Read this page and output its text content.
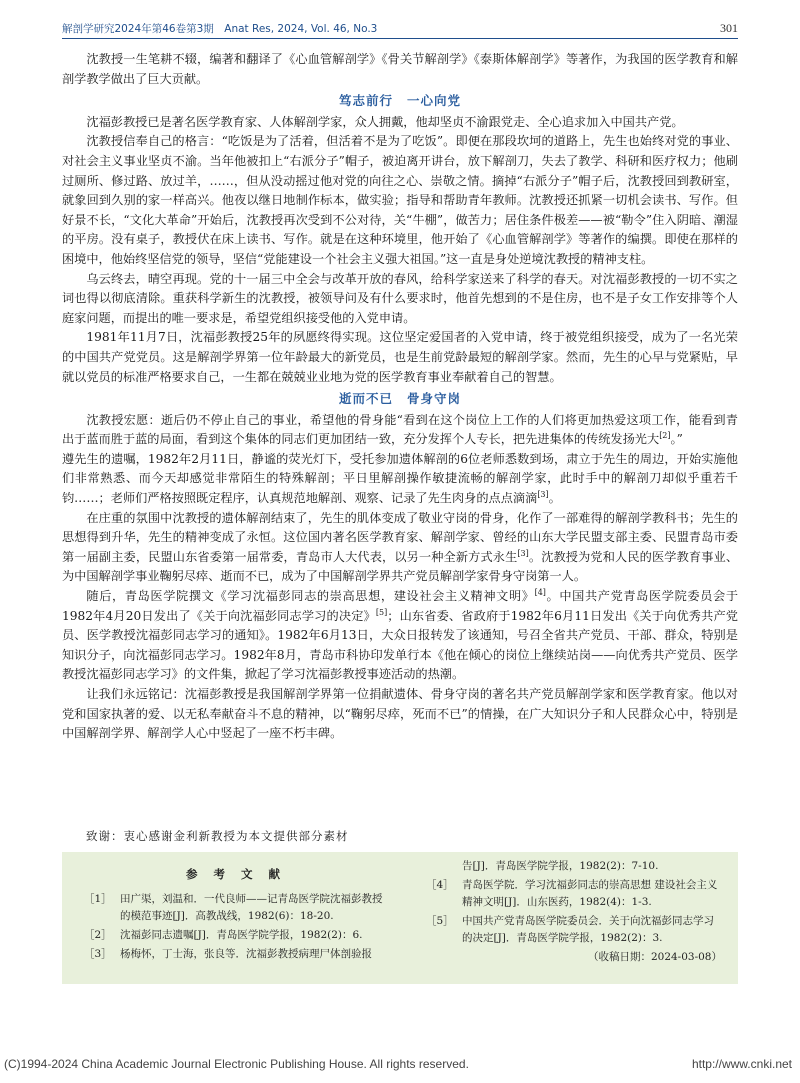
解剖学研究2024年第46卷第3期　Anat Res, 2024, Vol. 46, No.3	301

沈教授一生笔耕不辍，编著和翻译了《心血管解剖学》《骨关节解剖学》《泰斯体解剖学》等著作，为我国的医学教育和解剖学教学做出了巨大贡献。

笃志前行 一心向党

沈福彭教授已是著名医学教育家、人体解剖学家，众人拥戴，他却坚贞不渝跟党走、全心追求加入中国共产党。

沈教授信奉自己的格言：“吃饭是为了活着，但活着不是为了吃饭”。即便在那段坎坷的道路上，先生也始终对党的事业、对社会主义事业坚贞不渝。当年他被扣上“右派分子”帽子，被迫离开讲台，放下解剖刀，失去了教学、科研和医疗权力；他刷过厕所、修过路、放过羊，……，但从没动摇过他对党的向往之心、崇敬之情。摘掉“右派分子”帽子后，沈教授回到教研室，就象回到久别的家一样高兴。他夜以继日地制作标本，做实验；指导和帮助青年教师。沈教授还抓紧一切机会读书、写作。但好景不长，“文化大革命”开始后，沈教授再次受到不公对待，关“牛棚”，做苦力；居住条件极差——被“勒令”住入阴暗、潮湿的平房。没有桌子，教授伏在床上读书、写作。就是在这种环境里，他开始了《心血管解剖学》等著作的编撰。即使在那样的困境中，他始终坚信党的领导，坚信“党能建设一个社会主义强大祖国。”这一直是身处逆境沈教授的精神支柱。

乌云终去，晴空再现。党的十一届三中全会与改革开放的春风，给科学家送来了科学的春天。对沈福彭教授的一切不实之词也得以彻底清除。重获科学新生的沈教授，被领导问及有什么要求时，他首先想到的不是住房，也不是子女工作安排等个人庭家问题，而提出的唯一要求是，希望党组织接受他的入党申请。

1981年11月7日，沈福彭教授25年的夙愿终得实现。这位坚定爱国者的入党申请，终于被党组织接受，成为了一名光荣的中国共产党党员。这是解剖学界第一位年龄最大的新党员，也是生前党龄最短的解剖学家。然而，先生的心早与党紧贴，早就以党员的标准严格要求自己，一生都在兢兢业业地为党的医学教育事业奉献着自己的智慧。

逝而不已 骨身守岗

沈教授宏愿：逝后仍不停止自己的事业，希望他的骨身能“看到在这个岗位上工作的人们将更加热爱这项工作，能看到青出于蓝而胜于蓝的局面，看到这个集体的同志们更加团结一致，充分发挥个人专长，把先进集体的传统发扬光大[2]。”

遵先生的遗嘱，1982年2月11日，静谧的荧光灯下，受托参加遗体解剖的6位老师悉数到场，肃立于先生的周边，开始实施他们非常熟悉、而今天却感觉非常陌生的特殊解剖；平日里解剖操作敏捷流畅的解剖学家，此时手中的解剖刀却似乎重若千钧……；老师们严格按照既定程序，认真规范地解剖、观察、记录了先生肉身的点点滴滴[3]。

在庄重的氛围中沈教授的遗体解剖结束了，先生的肌体变成了敬业守岗的骨身，化作了一部难得的解剖学教科书；先生的思想得到升华，先生的精神变成了永恒。这位国内著名医学教育家、解剖学家、曾经的山东大学民盟支部主委、民盟青岛市委第一届副主委，民盟山东省委第一届常委，青岛市人大代表，以另一种全新方式永生[3]。沈教授为党和人民的医学教育事业、为中国解剖学事业鞠躬尽瘁、逝而不已，成为了中国解剖学界共产党员解剖学家骨身守岗第一人。

随后，青岛医学院撰文《学习沈福彭同志的崇高思想，建设社会主义精神文明》[4]。中国共产党青岛医学院委员会于1982年4月20日发出了《关于向沈福彭同志学习的决定》[5]；山东省委、省政府于1982年6月11日发出《关于向优秀共产党员、医学教授沈福彭同志学习的通知》。1982年6月13日，大众日报转发了该通知，号召全省共产党员、干部、群众，特别是知识分子，向沈福彭同志学习。1982年8月，青岛市科协印发单行本《他在倾心的岗位上继续站岗——向优秀共产党员、医学教授沈福彭同志学习》的文件集，掀起了学习沈福彭教授事迹活动的热潮。

让我们永远铭记：沈福彭教授是我国解剖学界第一位捐献遗体、骨身守岗的著名共产党员解剖学家和医学教育家。他以对党和国家执著的爱、以无私奉献奋斗不息的精神，以“鞠躬尽瘁，死而不已”的情操，在广大知识分子和人民群众心中，特别是中国解剖学界、解剖学人心中竖起了一座不朽丰碑。

致谢：衷心感谢金利新教授为本文提供部分素材
参 考 文 献
［1］ 田广渠，刘温和．一代良师——记青岛医学院沈福彭教授的模范事迹[J]．高教战线，1982(6)：18-20.
［2］ 沈福彭同志遗嘱[J]．青岛医学院学报，1982(2)：6.
［3］ 杨梅怀，丁士海，张良等．沈福彭教授病理尸体剖验报
告[J]．青岛医学院学报，1982(2)：7-10.
［4］ 青岛医学院．学习沈福彭同志的崇高思想 建设社会主义精神文明[J]．山东医药，1982(4)：1-3.
［5］ 中国共产党青岛医学院委员会．关于向沈福彭同志学习的决定[J]．青岛医学院学报，1982(2)：3.
（收稿日期：2024-03-08）
(C)1994-2024 China Academic Journal Electronic Publishing House. All rights reserved.	http://www.cnki.net
